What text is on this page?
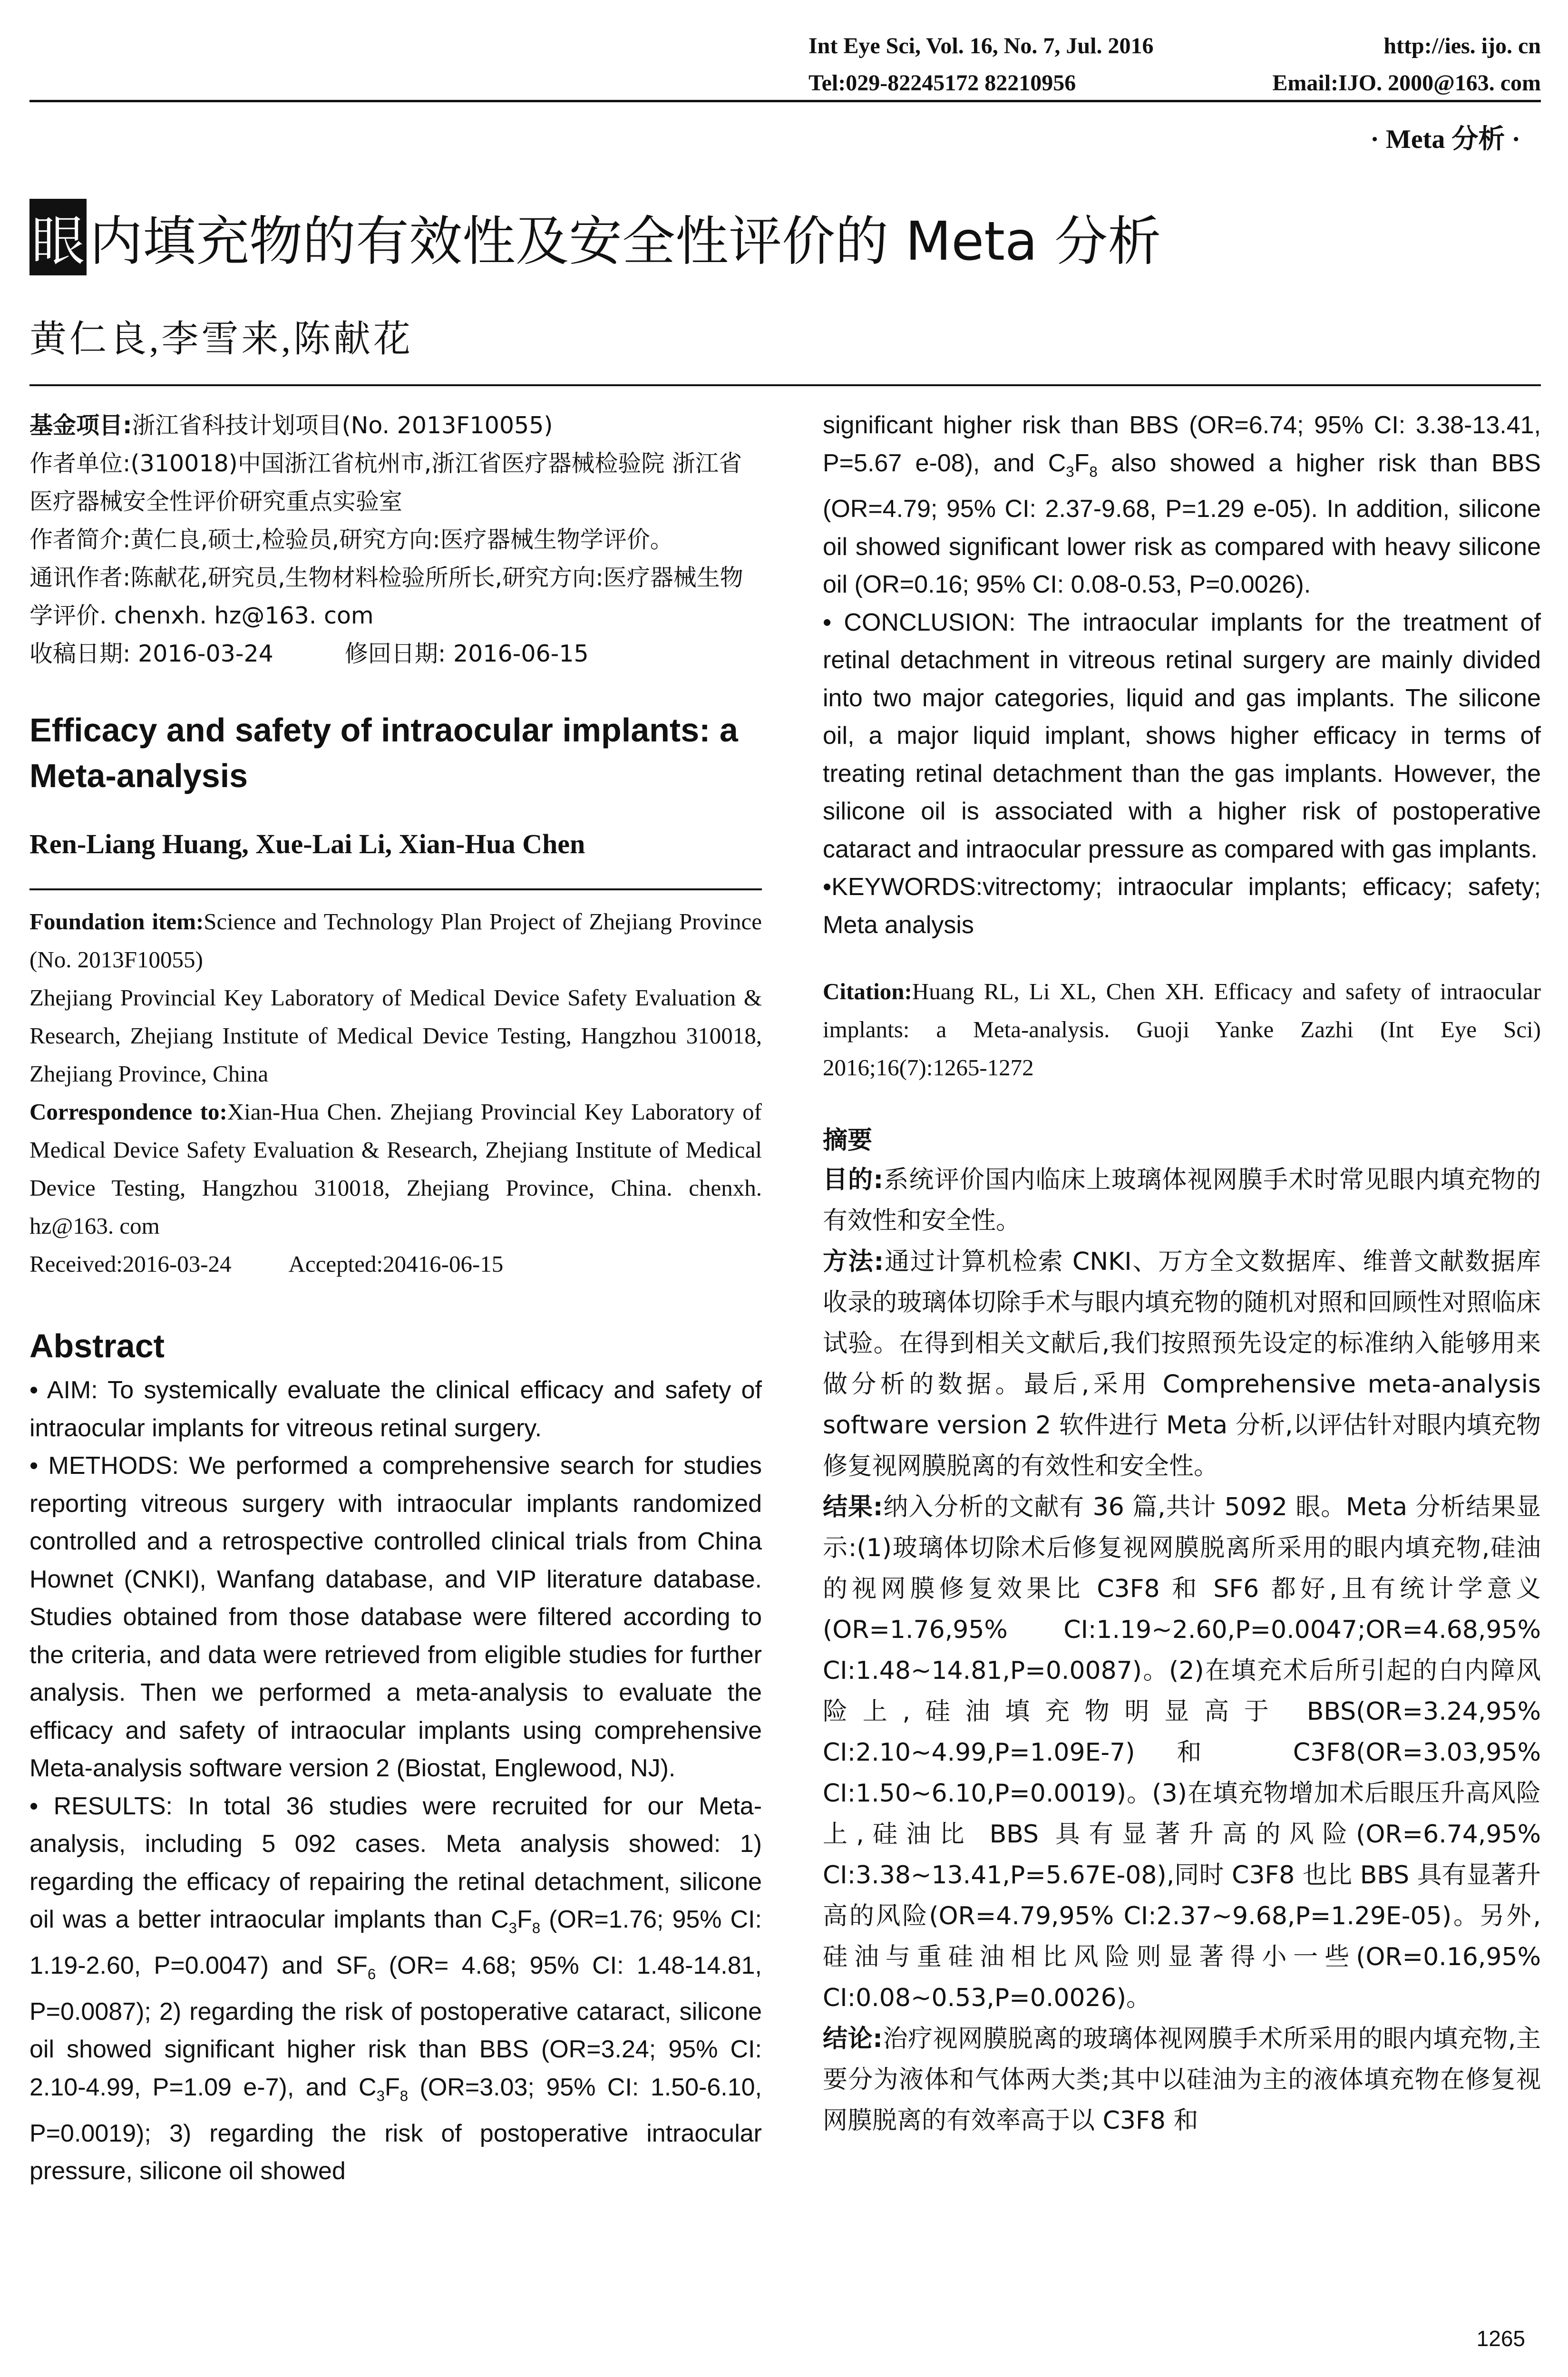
Int Eye Sci, Vol. 16, No. 7, Jul. 2016	http://ies. ijo. cn
Tel:029-82245172 82210956	Email:IJO. 2000@163. com
· Meta 分析 ·
眼 内填充物的有效性及安全性评价的 Meta 分析
黄仁良,李雪来,陈献花

基金项目:浙江省科技计划项目(No. 2013F10055)

作者单位:(310018)中国浙江省杭州市,浙江省医疗器械检验院 浙江省医疗器械安全性评价研究重点实验室

作者简介:黄仁良,硕士,检验员,研究方向:医疗器械生物学评价。

通讯作者:陈献花,研究员,生物材料检验所所长,研究方向:医疗器械生物学评价. chenxh. hz@163. com

收稿日期: 2016-03-24	修回日期: 2016-06-15

Efficacy and safety of intraocular implants: a Meta-analysis
Ren-Liang Huang, Xue-Lai Li, Xian-Hua Chen

Foundation item:Science and Technology Plan Project of Zhejiang Province (No. 2013F10055)

Zhejiang Provincial Key Laboratory of Medical Device Safety Evaluation & Research, Zhejiang Institute of Medical Device Testing, Hangzhou 310018, Zhejiang Province, China

Correspondence to:Xian-Hua Chen. Zhejiang Provincial Key Laboratory of Medical Device Safety Evaluation & Research, Zhejiang Institute of Medical Device Testing, Hangzhou 310018, Zhejiang Province, China. chenxh. hz@163. com

Received:2016-03-24 Accepted:20416-06-15

Abstract

• AIM: To systemically evaluate the clinical efficacy and safety of intraocular implants for vitreous retinal surgery.

• METHODS: We performed a comprehensive search for studies reporting vitreous surgery with intraocular implants randomized controlled and a retrospective controlled clinical trials from China Hownet (CNKI), Wanfang database, and VIP literature database. Studies obtained from those database were filtered according to the criteria, and data were retrieved from eligible studies for further analysis. Then we performed a meta-analysis to evaluate the efficacy and safety of intraocular implants using comprehensive Meta-analysis software version 2 (Biostat, Englewood, NJ).

• RESULTS: In total 36 studies were recruited for our Meta-analysis, including 5 092 cases. Meta analysis showed: 1) regarding the efficacy of repairing the retinal detachment, silicone oil was a better intraocular implants than $C_3F_8$ (OR=1.76; 95% CI: 1.19-2.60, P=0.0047) and $SF_6$ (OR= 4.68; 95% CI: 1.48-14.81, P=0.0087); 2) regarding the risk of postoperative cataract, silicone oil showed significant higher risk than BBS (OR=3.24; 95% CI: 2.10-4.99, P=1.09 e-7), and $C_3F_8$ (OR=3.03; 95% CI: 1.50-6.10, P=0.0019); 3) regarding the risk of postoperative intraocular pressure, silicone oil showed

significant higher risk than BBS (OR=6.74; 95% CI: 3.38-13.41, P=5.67 e-08), and $C_3F_8$ also showed a higher risk than BBS (OR=4.79; 95% CI: 2.37-9.68, P=1.29 e-05). In addition, silicone oil showed significant lower risk as compared with heavy silicone oil (OR=0.16; 95% CI: 0.08-0.53, P=0.0026).

• CONCLUSION: The intraocular implants for the treatment of retinal detachment in vitreous retinal surgery are mainly divided into two major categories, liquid and gas implants. The silicone oil, a major liquid implant, shows higher efficacy in terms of treating retinal detachment than the gas implants. However, the silicone oil is associated with a higher risk of postoperative cataract and intraocular pressure as compared with gas implants.

•KEYWORDS:vitrectomy; intraocular implants; efficacy; safety; Meta analysis

Citation:Huang RL, Li XL, Chen XH. Efficacy and safety of intraocular implants: a Meta-analysis. Guoji Yanke Zazhi (Int Eye Sci) 2016;16(7):1265-1272

摘要

目的:系统评价国内临床上玻璃体视网膜手术时常见眼内填充物的有效性和安全性。

方法:通过计算机检索 CNKI、万方全文数据库、维普文献数据库收录的玻璃体切除手术与眼内填充物的随机对照和回顾性对照临床试验。在得到相关文献后,我们按照预先设定的标准纳入能够用来做分析的数据。最后,采用 Comprehensive meta-analysis software version 2 软件进行 Meta 分析,以评估针对眼内填充物修复视网膜脱离的有效性和安全性。

结果:纳入分析的文献有 36 篇,共计 5092 眼。Meta 分析结果显示:(1)玻璃体切除术后修复视网膜脱离所采用的眼内填充物,硅油的视网膜修复效果比 C3F8 和 SF6 都好,且有统计学意义(OR=1.76,95% CI:1.19~2.60,P=0.0047;OR=4.68,95% CI:1.48~14.81,P=0.0087)。(2)在填充术后所引起的白内障风险上,硅油填充物明显高于 BBS(OR=3.24,95% CI:2.10~4.99,P=1.09E-7)和 C3F8(OR=3.03,95% CI:1.50~6.10,P=0.0019)。(3)在填充物增加术后眼压升高风险上,硅油比 BBS 具有显著升高的风险(OR=6.74,95% CI:3.38~13.41,P=5.67E-08),同时 C3F8 也比 BBS 具有显著升高的风险(OR=4.79,95% CI:2.37~9.68,P=1.29E-05)。另外,硅油与重硅油相比风险则显著得小一些(OR=0.16,95% CI:0.08~0.53,P=0.0026)。

结论:治疗视网膜脱离的玻璃体视网膜手术所采用的眼内填充物,主要分为液体和气体两大类;其中以硅油为主的液体填充物在修复视网膜脱离的有效率高于以 C3F8 和

1265
